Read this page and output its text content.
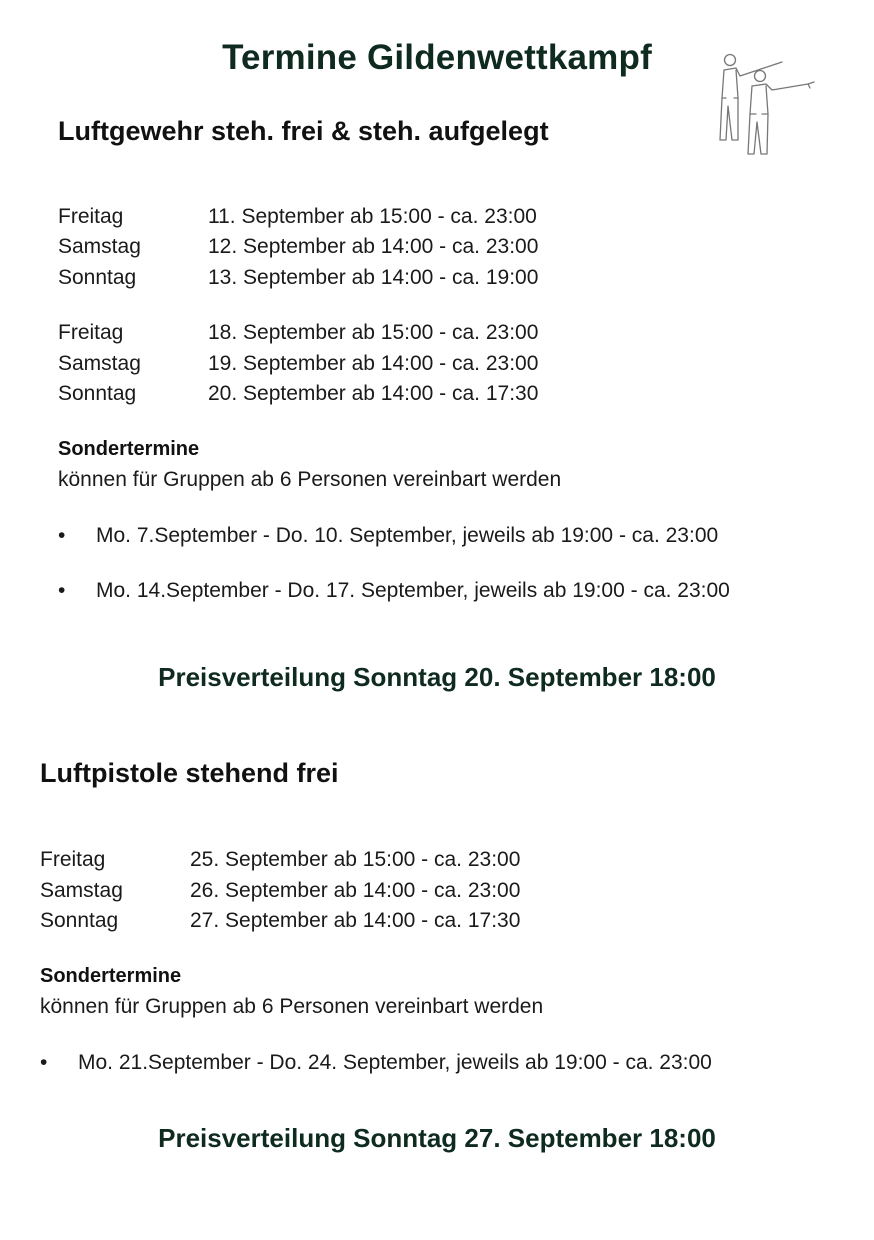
Termine Gildenwettkampf
Luftgewehr steh. frei & steh. aufgelegt
Freitag	11. September ab 15:00 - ca. 23:00
Samstag	12. September ab 14:00 - ca. 23:00
Sonntag	13. September ab 14:00 - ca. 19:00
Freitag	18. September ab 15:00 - ca. 23:00
Samstag	19. September ab 14:00 - ca. 23:00
Sonntag	20. September ab 14:00 - ca. 17:30
Sondertermine
können für Gruppen ab 6 Personen vereinbart werden
• Mo. 7.September - Do. 10. September, jeweils ab 19:00 - ca. 23:00
• Mo. 14.September - Do. 17. September, jeweils ab 19:00 - ca. 23:00
Preisverteilung Sonntag 20. September 18:00
Luftpistole stehend frei
Freitag	25. September ab 15:00 - ca. 23:00
Samstag	26. September ab 14:00 - ca. 23:00
Sonntag	27. September ab 14:00 - ca. 17:30
Sondertermine
können für Gruppen ab 6 Personen vereinbart werden
• Mo. 21.September - Do. 24. September, jeweils ab 19:00 - ca. 23:00
Preisverteilung Sonntag 27. September 18:00
